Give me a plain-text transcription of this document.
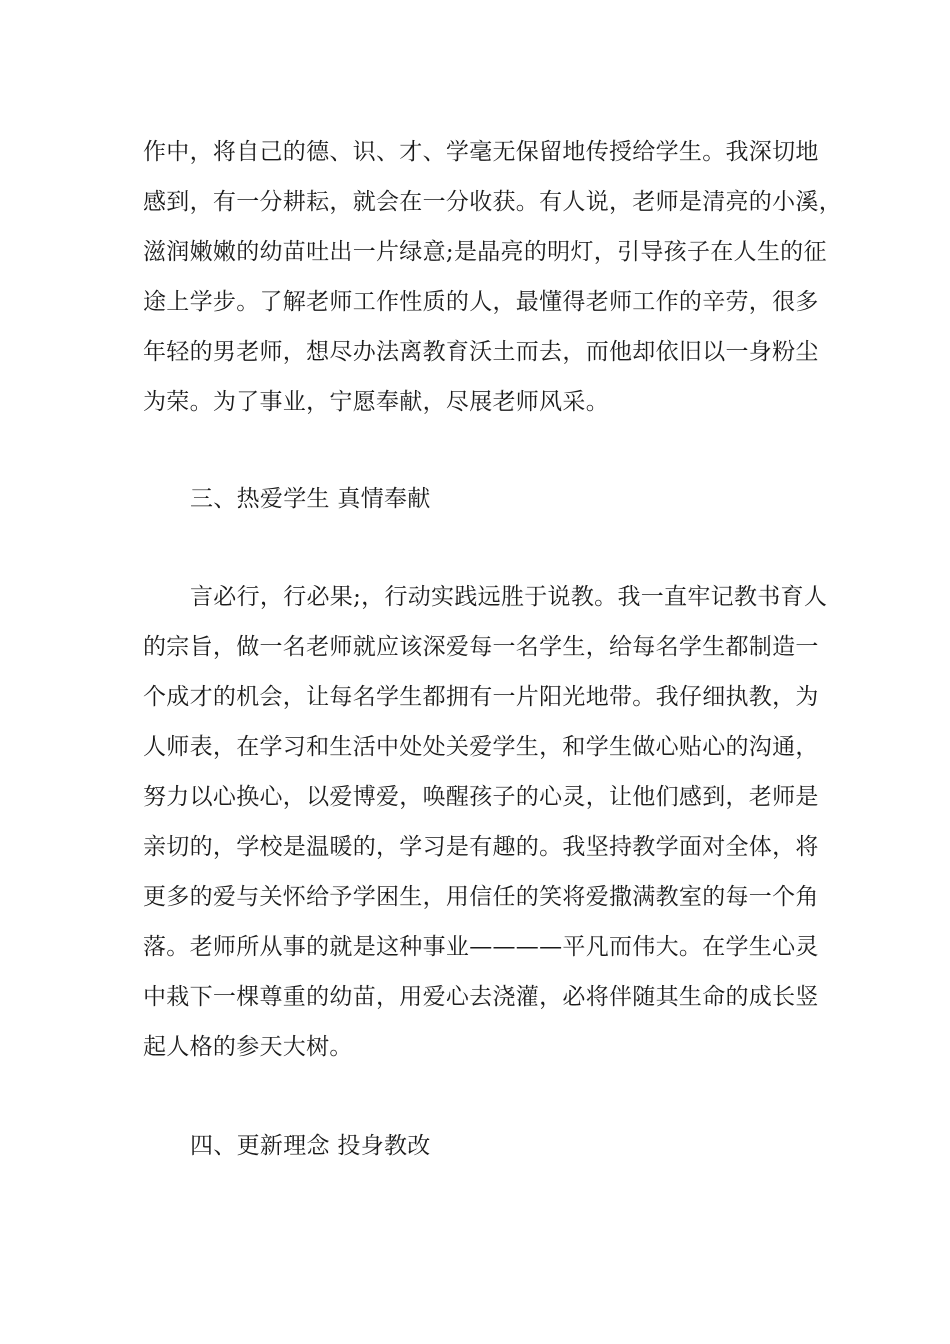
作中，将自己的德、识、才、学毫无保留地传授给学生。我深切地
感到，有一分耕耘，就会在一分收获。有人说，老师是清亮的小溪，
滋润嫩嫩的幼苗吐出一片绿意;是晶亮的明灯，引导孩子在人生的征
途上学步。了解老师工作性质的人，最懂得老师工作的辛劳，很多
年轻的男老师，想尽办法离教育沃土而去，而他却依旧以一身粉尘
为荣。为了事业，宁愿奉献，尽展老师风采。
三、热爱学生 真情奉献
言必行，行必果;，行动实践远胜于说教。我一直牢记教书育人
的宗旨，做一名老师就应该深爱每一名学生，给每名学生都制造一
个成才的机会，让每名学生都拥有一片阳光地带。我仔细执教，为
人师表，在学习和生活中处处关爱学生，和学生做心贴心的沟通，
努力以心换心，以爱博爱，唤醒孩子的心灵，让他们感到，老师是
亲切的，学校是温暖的，学习是有趣的。我坚持教学面对全体，将
更多的爱与关怀给予学困生，用信任的笑将爱撒满教室的每一个角
落。老师所从事的就是这种事业————平凡而伟大。在学生心灵
中栽下一棵尊重的幼苗，用爱心去浇灌，必将伴随其生命的成长竖
起人格的参天大树。
四、更新理念 投身教改
